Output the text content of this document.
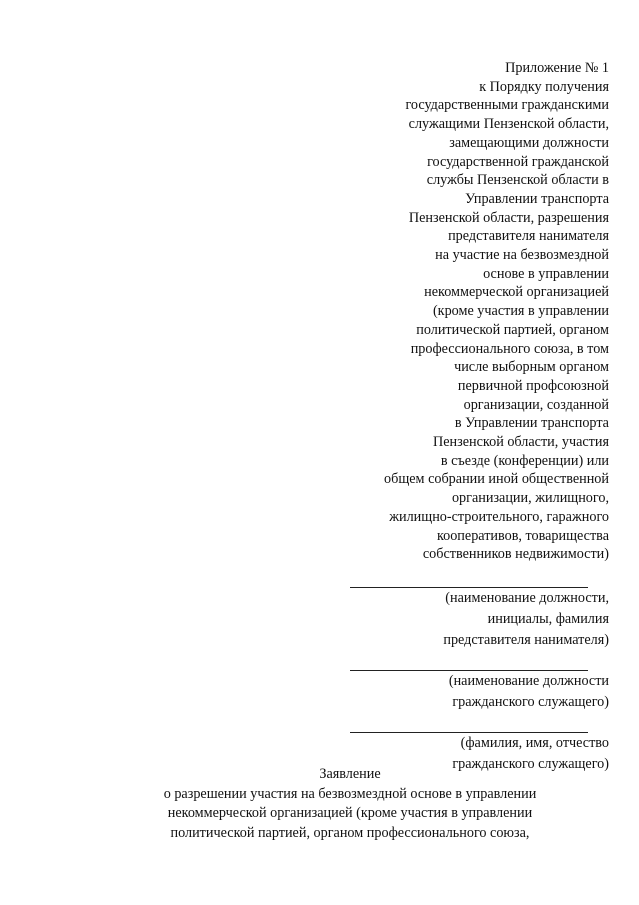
Приложение № 1
к Порядку получения
государственными гражданскими
служащими Пензенской области,
замещающими должности
государственной гражданской
службы Пензенской области в
Управлении транспорта
Пензенской области, разрешения
представителя нанимателя
на участие на безвозмездной
основе в управлении
некоммерческой организацией
(кроме участия в управлении
политической партией, органом
профессионального союза, в том
числе выборным органом
первичной профсоюзной
организации, созданной
в Управлении транспорта
Пензенской области, участия
в съезде (конференции) или
общем собрании иной общественной
организации, жилищного,
жилищно-строительного, гаражного
кооперативов, товарищества
собственников недвижимости)
(наименование должности,
инициалы, фамилия
представителя нанимателя)
(наименование должности
гражданского служащего)
(фамилия, имя, отчество
гражданского служащего)
Заявление
о разрешении участия на безвозмездной основе в управлении
некоммерческой организацией (кроме участия в управлении
политической партией, органом профессионального союза,
